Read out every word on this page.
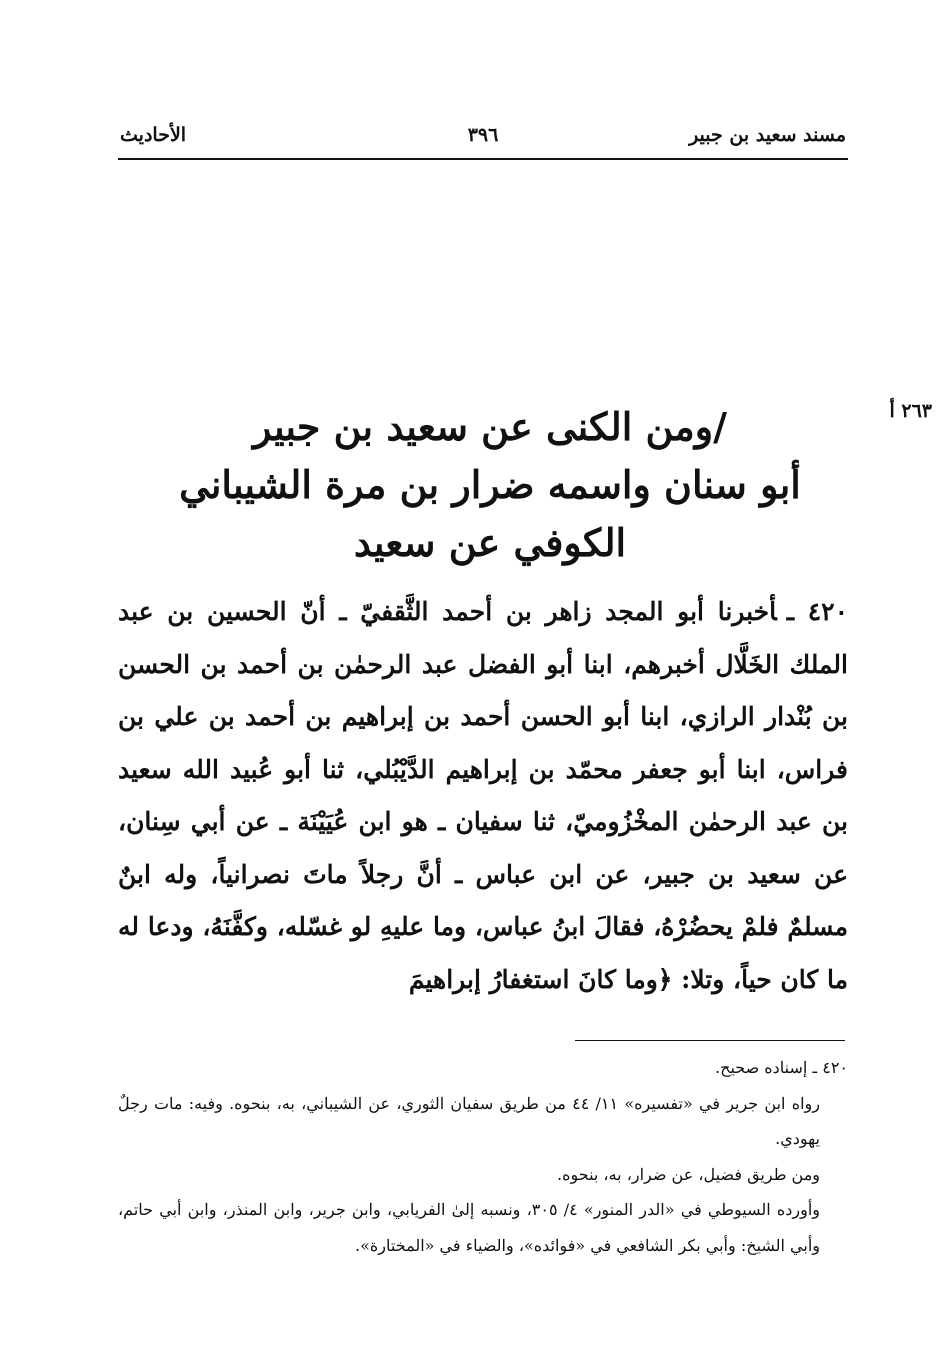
مسند سعيد بن جبير
٣٩٦
الأحاديث
٢٦٣ أ
/ومن الكنى عن سعيد بن جبير
أبو سنان واسمه ضرار بن مرة الشيباني
الكوفي عن سعيد
٤٢٠ ـأخبرنا أبو المجد زاهر بن أحمد الثَّقفيّ ـ أنّ الحسين بن عبد الملك الخَلَّال أخبرهم، ابنا أبو الفضل عبد الرحمٰن بن أحمد بن الحسن بن بُنْدار الرازي، ابنا أبو الحسن أحمد بن إبراهيم بن أحمد بن علي بن فراس، ابنا أبو جعفر محمّد بن إبراهيم الدَّيْبُلي، ثنا أبو عُبيد الله سعيد بن عبد الرحمٰن المخْزُوميّ، ثنا سفيان ـ هو ابن عُيَيْنَة ـ عن أبي سِنان، عن سعيد بن جبير، عن ابن عباس ـ أنَّ رجلاً ماتَ نصرانياً، وله ابنٌ مسلمٌ فلمْ يحضُرْهُ، فقالَ ابنُ عباس، وما عليهِ لو غسّله، وكفَّنَهُ، ودعا له ما كان حياً، وتلا: ﴿وما كانَ استغفارُ إبراهيمَ

٤٢٠ ـ إسناده صحيح.

رواه ابن جرير في «تفسيره» ١١/ ٤٤ من طريق سفيان الثوري، عن الشيباني، به، بنحوه. وفيه: مات رجلٌ يهودي.

ومن طريق فضيل، عن ضرار، به، بنحوه.

وأورده السيوطي في «الدر المنور» ٤/ ٣٠٥، ونسبه إلىٰ الفريابي، وابن جرير، وابن المنذر، وابن أبي حاتم، وأبي الشيخ: وأبي بكر الشافعي في «فوائده»، والضياء في «المختارة».
